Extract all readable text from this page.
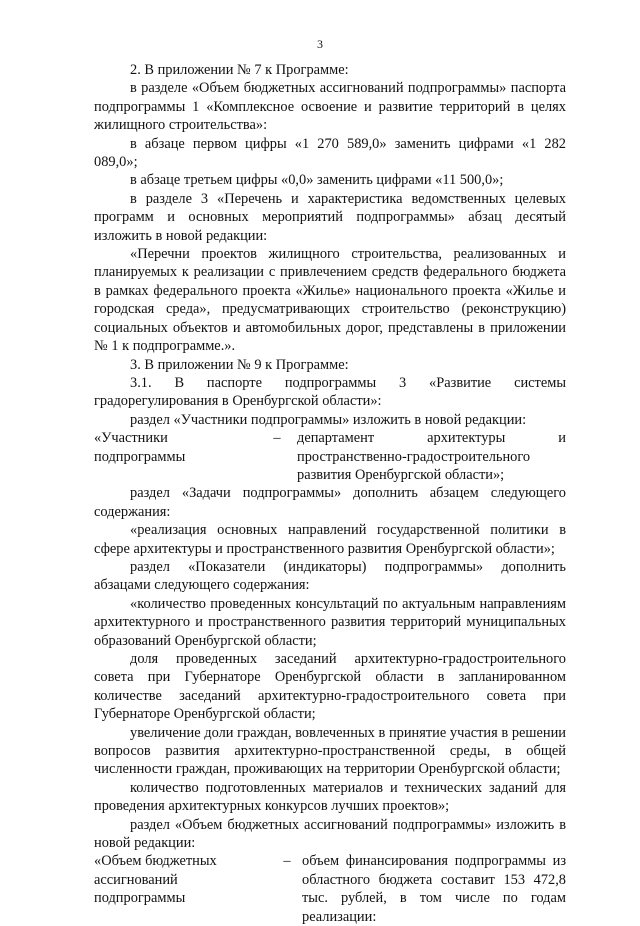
3

2. В приложении № 7 к Программе:

в разделе «Объем бюджетных ассигнований подпрограммы» паспорта подпрограммы 1 «Комплексное освоение и развитие территорий в целях жилищного строительства»:

в абзаце первом цифры «1 270 589,0» заменить цифрами «1 282 089,0»;

в абзаце третьем цифры «0,0» заменить цифрами «11 500,0»;

в разделе 3 «Перечень и характеристика ведомственных целевых программ и основных мероприятий подпрограммы» абзац десятый изложить в новой редакции:

«Перечни проектов жилищного строительства, реализованных и планируемых к реализации с привлечением средств федерального бюджета в рамках федерального проекта «Жилье» национального проекта «Жилье и городская среда», предусматривающих строительство (реконструкцию) социальных объектов и автомобильных дорог, представлены в приложении № 1 к подпрограмме.».

3. В приложении № 9 к Программе:

3.1. В паспорте подпрограммы 3 «Развитие системы градорегулирования в Оренбургской области»:

раздел «Участники подпрограммы» изложить в новой редакции:

«Участники подпрограммы
–	департамент архитектуры и пространственно-градостроительного развития Оренбургской области»;

раздел «Задачи подпрограммы» дополнить абзацем следующего содержания:

«реализация основных направлений государственной политики в сфере архитектуры и пространственного развития Оренбургской области»;

раздел «Показатели (индикаторы) подпрограммы» дополнить абзацами следующего содержания:

«количество проведенных консультаций по актуальным направлениям архитектурного и пространственного развития территорий муниципальных образований Оренбургской области;

доля проведенных заседаний архитектурно-градостроительного совета при Губернаторе Оренбургской области в запланированном количестве заседаний архитектурно-градостроительного совета при Губернаторе Оренбургской области;

увеличение доли граждан, вовлеченных в принятие участия в решении вопросов развития архитектурно-пространственной среды, в общей численности граждан, проживающих на территории Оренбургской области;

количество подготовленных материалов и технических заданий для проведения архитектурных конкурсов лучших проектов»;

раздел «Объем бюджетных ассигнований подпрограммы» изложить в новой редакции:

«Объем бюджетных ассигнований подпрограммы
– объем финансирования подпрограммы из областного бюджета составит 153 472,8 тыс. рублей, в том числе по годам реализации:
